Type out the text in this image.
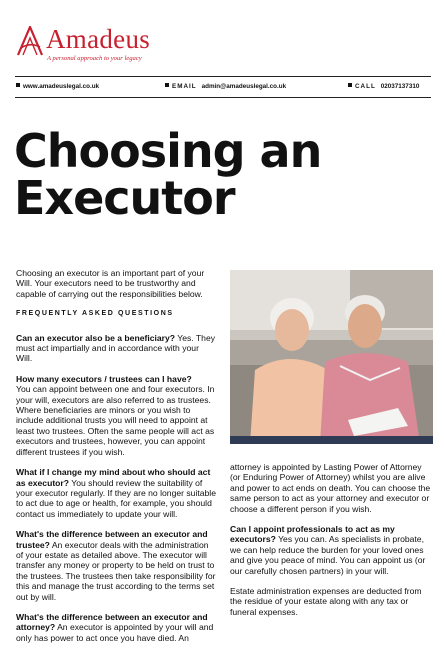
Amadeus
A personal approach to your legacy
www.amadeuslegal.co.uk	EMAIL admin@amadeuslegal.co.uk	CALL 02037137310
Choosing an
Executor

Choosing an executor is an important part of your Will. Your executors need to be trustworthy and capable of carrying out the responsibilities below.

FREQUENTLY ASKED QUESTIONS

Can an executor also be a beneficiary? Yes. They must act impartially and in accordance with your Will.

How many executors / trustees can I have?
You can appoint between one and four executors. In your will, executors are also referred to as trustees. Where beneficiaries are minors or you wish to include additional trusts you will need to appoint at least two trustees. Often the same people will act as executors and trustees, however, you can appoint different trustees if you wish.

What if I change my mind about who should act as executor? You should review the suitability of your executor regularly. If they are no longer suitable to act due to age or health, for example, you should contact us immediately to update your will.

What's the difference between an executor and trustee? An executor deals with the administration of your estate as detailed above. The executor will transfer any money or property to be held on trust to the trustees. The trustees then take responsibility for this and manage the trust according to the terms set out by will.

What's the difference between an executor and attorney? An executor is appointed by your will and only has power to act once you have died. An

attorney is appointed by Lasting Power of Attorney (or Enduring Power of Attorney) whilst you are alive and power to act ends on death. You can choose the same person to act as your attorney and executor or choose a different person if you wish.

Can I appoint professionals to act as my executors? Yes you can. As specialists in probate, we can help reduce the burden for your loved ones and give you peace of mind. You can appoint us (or our carefully chosen partners) in your will.

Estate administration expenses are deducted from the residue of your estate along with any tax or funeral expenses.
